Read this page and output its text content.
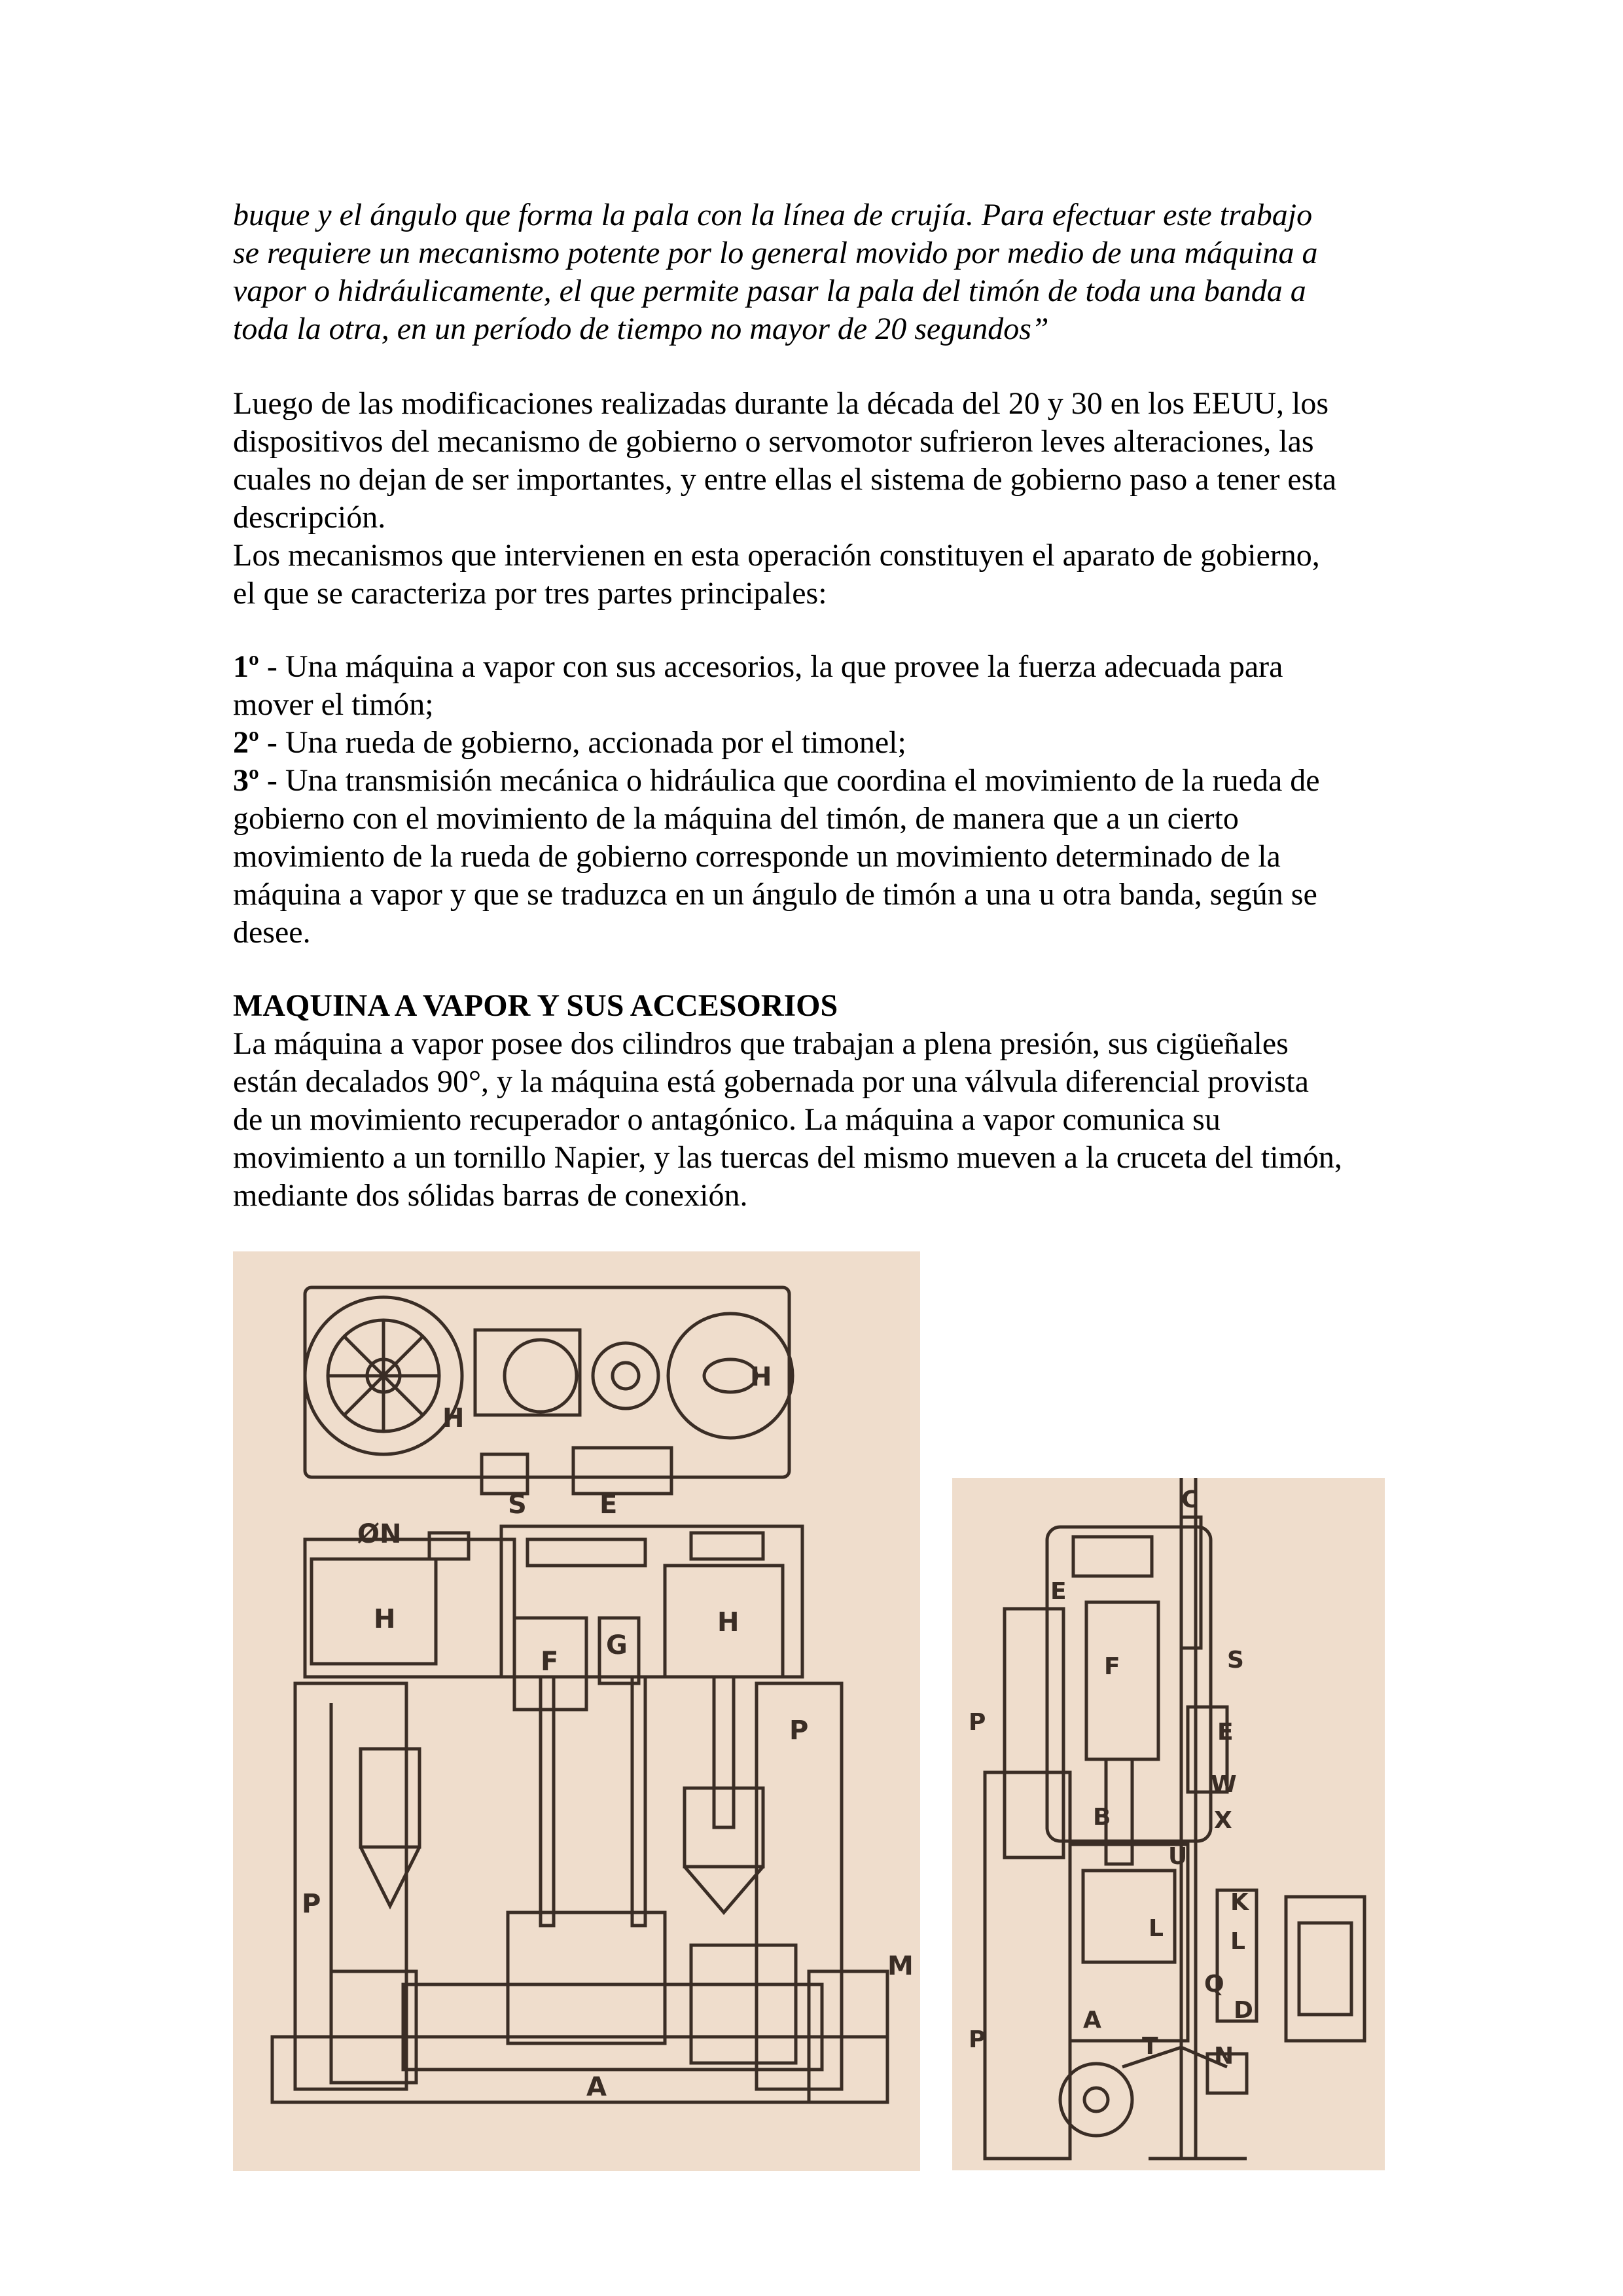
buque y el ángulo que forma la pala con la línea de crujía. Para efectuar este trabajo

se requiere un mecanismo potente por lo general movido por medio de una máquina a

vapor o hidráulicamente, el que permite pasar la pala del timón de toda una banda a

toda la otra, en un período de tiempo no mayor de 20 segundos”

Luego de las modificaciones realizadas durante la década del 20 y 30 en los EEUU, los

dispositivos del mecanismo de gobierno o servomotor sufrieron leves alteraciones, las

cuales no dejan de ser importantes, y entre ellas el sistema de gobierno paso a tener esta

descripción.

Los mecanismos que intervienen en esta operación constituyen el aparato de gobierno,

el que se caracteriza por tres partes principales:

1º - Una máquina a vapor con sus accesorios, la que provee la fuerza adecuada para

mover el timón;

2º - Una rueda de gobierno, accionada por el timonel;

3º - Una transmisión mecánica o hidráulica que coordina el movimiento de la rueda de

gobierno con el movimiento de la máquina del timón, de manera que a un cierto

movimiento de la rueda de gobierno corresponde un movimiento determinado de la

máquina a vapor y que se traduzca en un ángulo de timón a una u otra banda, según se

desee.

MAQUINA A VAPOR Y SUS ACCESORIOS

La máquina a vapor posee dos cilindros que trabajan a plena presión, sus cigüeñales

están decalados 90°, y la máquina está gobernada por una válvula diferencial provista

de un movimiento recuperador o antagónico. La máquina a vapor comunica su

movimiento a un tornillo Napier, y las tuercas del mismo mueven a la cruceta del timón,

mediante dos sólidas barras de conexión.

H
S	E
H
ØN
H
F
G
H
P
P
A
M
C
E
F	S
E
P
W
X
B
U
K
L	L
Q
D
A
T N
P
